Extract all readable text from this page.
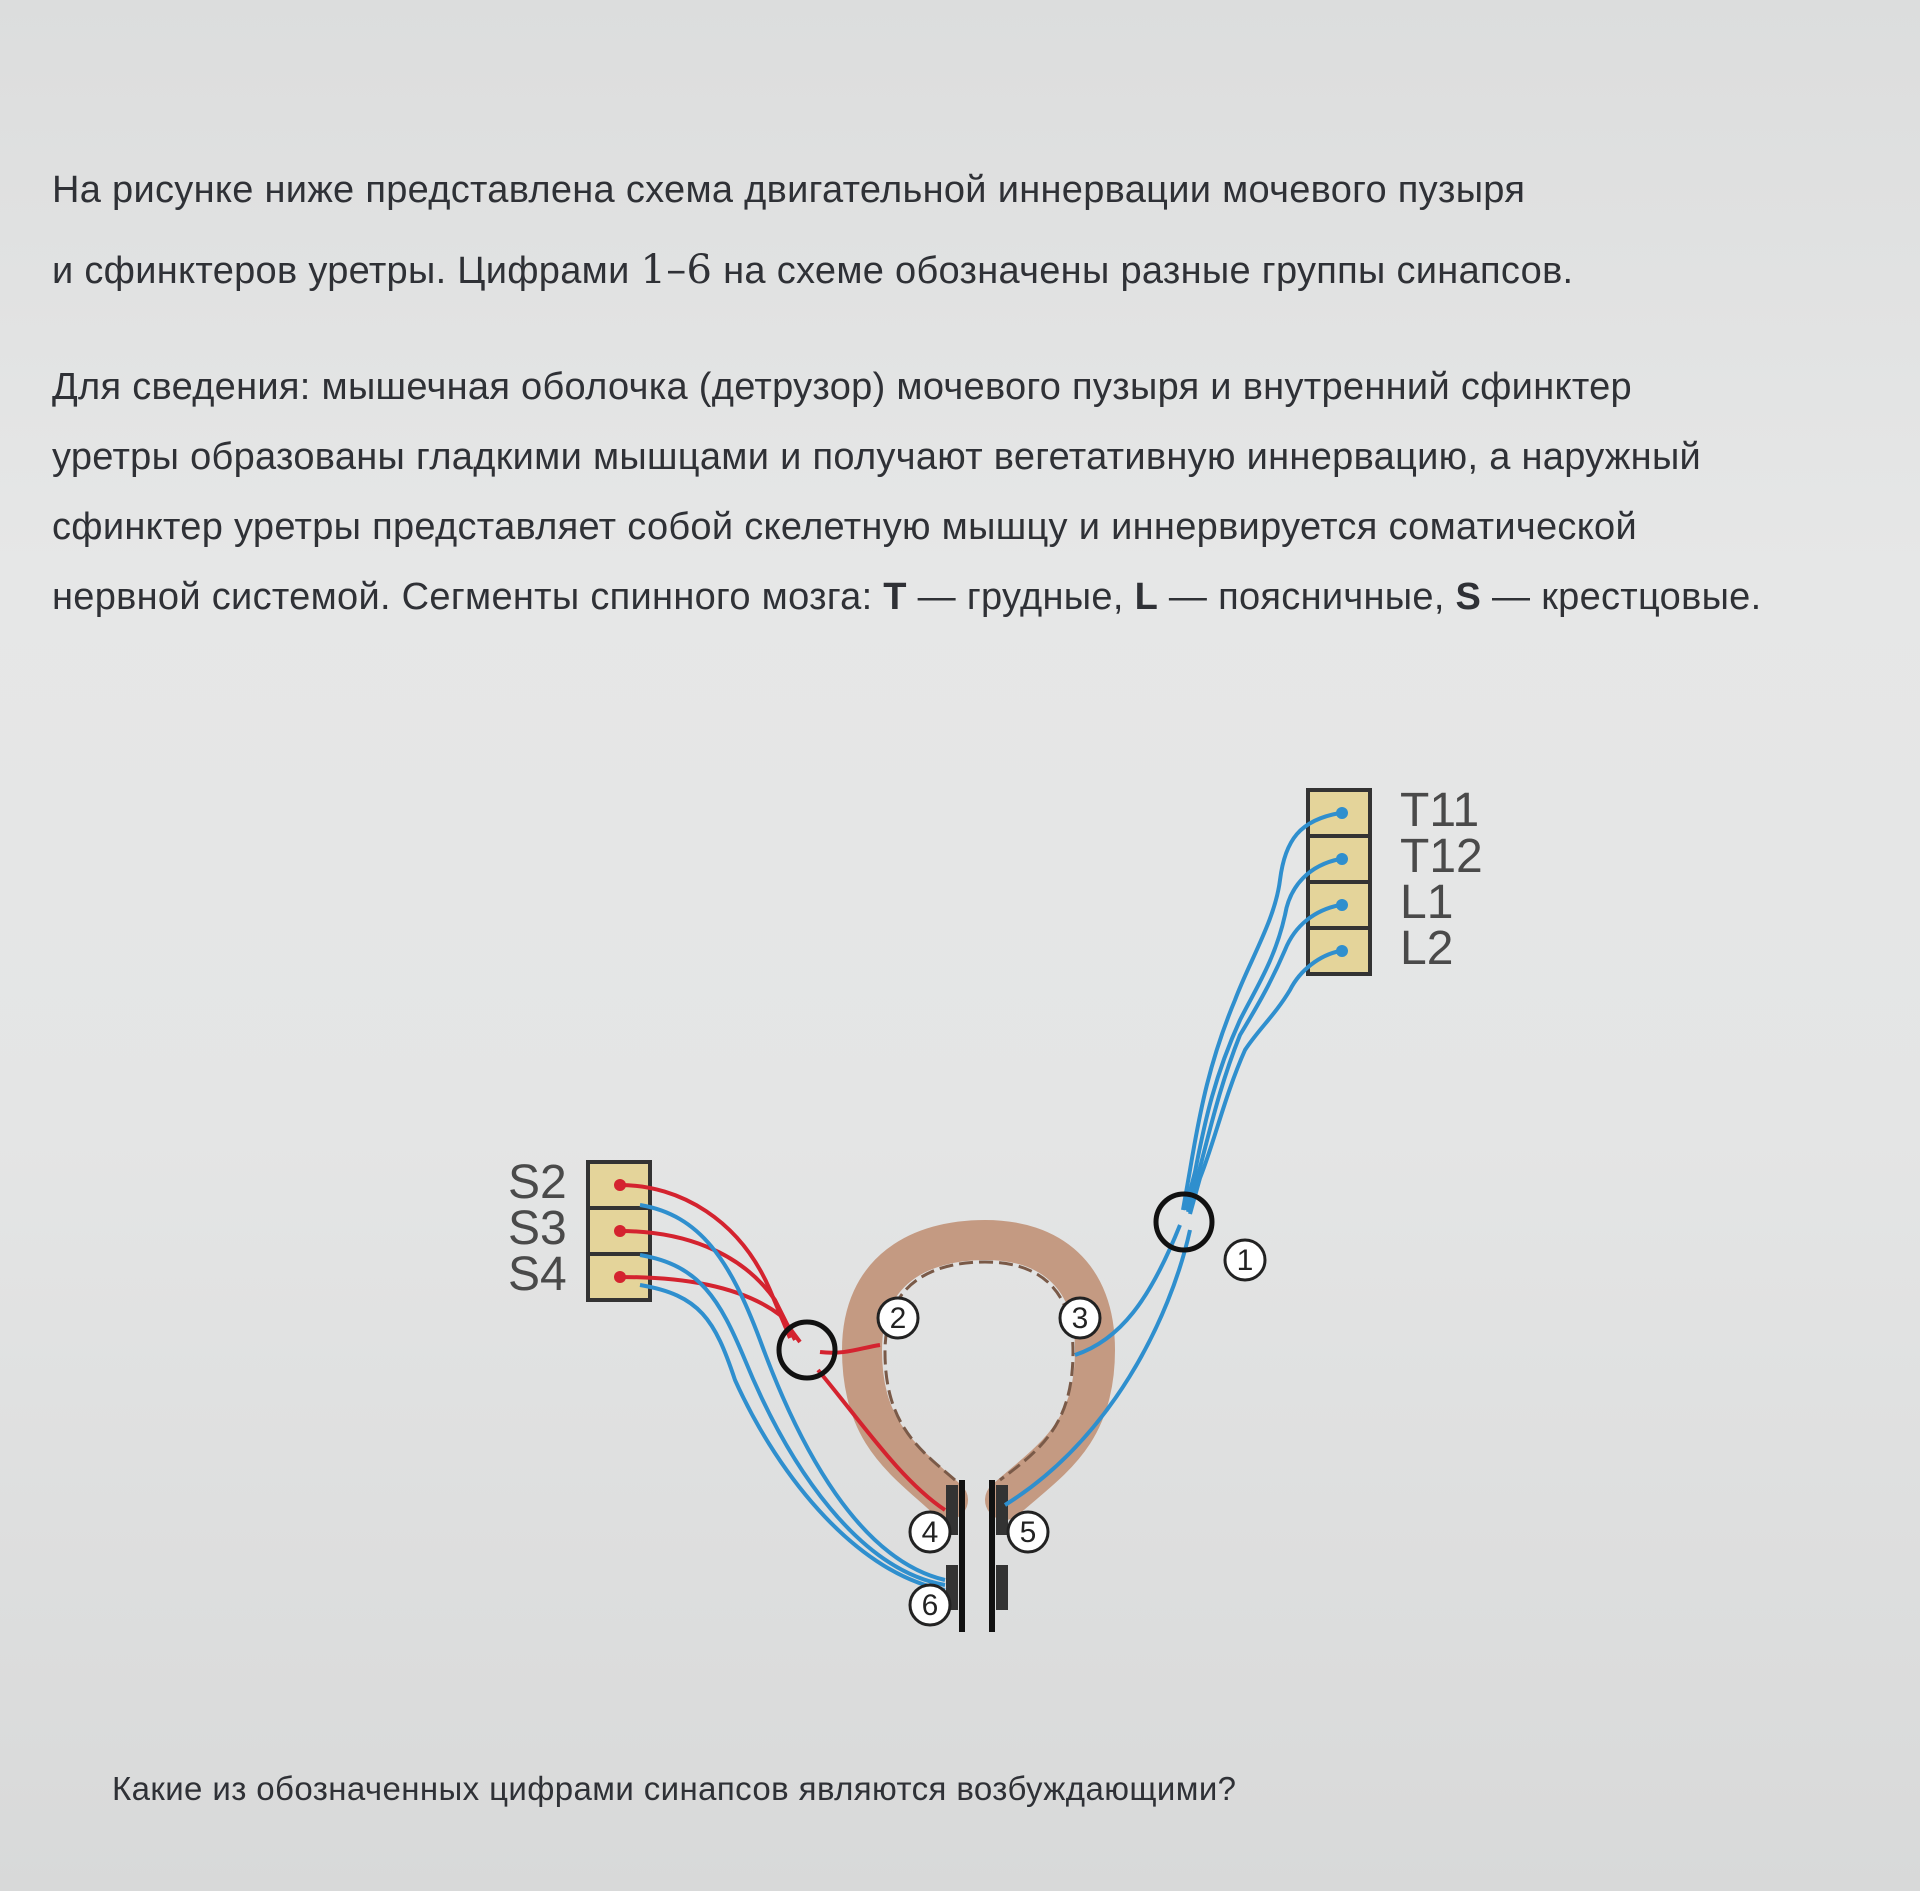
На рисунке ниже представлена схема двигательной иннервации мочевого пузыря
и сфинктеров уретры. Цифрами 1–6 на схеме обозначены разные группы синапсов.
Для сведения: мышечная оболочка (детрузор) мочевого пузыря и внутренний сфинктер
уретры образованы гладкими мышцами и получают вегетативную иннервацию, а наружный
сфинктер уретры представляет собой скелетную мышцу и иннервируется соматической
нервной системой. Сегменты спинного мозга: T — грудные, L — поясничные, S — крестцовые.
T11
T12
L1
L2
S2
S3
S4	1
2	3
4	5
6
Какие из обозначенных цифрами синапсов являются возбуждающими?
